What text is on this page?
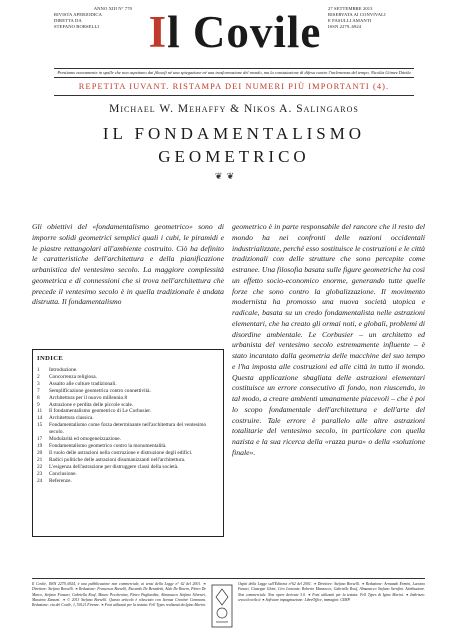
ANNO XIII N° 770
RIVISTA APERIODICA
DIRETTA DA
STEFANO BORSELLI	Il Covile	27 SETTEMBRE 2013
RISERVATA AI CONVIVALI
E FASULLI AMANTI
ISSN 2279–6924
Prestiamo nuovamente in spalle che non aspettano dai filosofi né una spiegazione né una trasformazione del mondo, ma la constatazione di difesa contro l'inclemenza del tempo. Nicolás Gómez Dávila
REPETITA IUVANT. RISTAMPA DEI NUMERI PIÙ IMPORTANTI (4).
Michael W. Mehaffy & Nikos A. Salingaros
IL FONDAMENTALISMO
GEOMETRICO
❦ ❦
Gli obiettivi del «fondamentalismo geometrico» sono di imporre solidi geometrici semplici quali i cubi, le piramidi e le piastre rettangolari all'ambiente costruito. Ciò ha definito le caratteristiche dell'architettura e della pianificazione urbanistica del ventesimo secolo. La maggiore complessità geometrica e di connessioni che si trova nell'architettura che precede il ventesimo secolo è in quella tradizionale è andata distrutta. Il fondamentalismo
INDICE
1	Introduzione.
2	Concorrenza religiosa.
3	Assalto alle culture tradizionali.
7	Semplificazione geometrica contro connettività.
8	Architettura per il nuovo millennio.8
9	Astrazione e perdita delle piccole scale.
11	Il fondamentalismo geometrico di Le Corbusier.
14	Architettura classica.
15	Fondamentalismo come forza determinante nell'architettura del ventesimo secolo.
17	Modularità ed omogeneizzazione.
19	Fondamentalismo geometrico contro la monumentalità.
20	Il ruolo delle astrazioni nella costruzione e distruzione degli edifici.
21	Radici politiche delle astrazioni disumanizzanti nell'architettura.
22	L'esigenza dell'astrazione per distruggere classi della società.
23	Conclusione.
24	Referenze.
geometrico è in parte responsabile del rancore che il resto del mondo ha nei confronti delle nazioni occidentali industrializzate, perché esso sostituisce le costruzioni e le città tradizionali con delle strutture che sono percepite come estranee. Una filosofia basata sulle figure geometriche ha così un effetto socio-economico enorme, generando tutte quelle forze che sono contro la globalizzazione. Il movimento modernista ha promosso una nuova società utopica e radicale, basata su un credo fondamentalista nelle astrazioni elementari, che ha creato gli ormai noti, e globali, problemi di disordine ambientale. Le Corbusier – un architetto ed urbanista del ventesimo secolo estremamente influente – è stato incantato dalla geometria delle macchine del suo tempo e l'ha imposta alle costruzioni ed alle città in tutto il mondo. Questa applicazione sbagliata delle astrazioni elementari costituisce un errore consecutivo di fondo, non riuscendo, in tal modo, a creare ambienti umanamente piacevoli – che è poi lo scopo fondamentale dell'architettura e dell'arte del costruire. Tale errore è parallelo alle altre astrazioni totalitarie del ventesimo secolo, in particolare con quella nazista e la sua ricerca della «razza pura» o della «soluzione finale».
Il Covile, ISSN 2279–6924, è una pubblicazione non commerciale, ai sensi della Legge n° 62 del 2001. ❧ Direttore: Stefano Borselli. ❧ Redazione: Francesca Borselli, Riccardo De Benedetti, Aldo De Rinero, Pietro De Marco, Stefano Fonsari, Gabriella Rouf, Mauro Pecchenino, Pietro Pagliardini, Almanacco Stefano Silvestri, Massimo Zanazzi. ❧ © 2013 Stefano Borselli. Questo articolo è rilasciato con licenza Creative Commons. Redazione: via del Covile, 1, 50121 Firenze. ❧ Font utilizzati per la testata: Fell Types realizzati da Igino Marini.
Ospiti della Legge sull'Editoria n°62 del 2001. ❧ Direttore: Stefano Borselli. ❧ Redazione: Armando Ermini, Luciano Funari, Giuseppe Ghini, Ciro Lomonte, Roberto Manzocco, Gabriella Rouf, Almanacco Stefano Serafini. Attribuzione. Non commerciale. Non opere derivate 3.0. ❧ Font utilizzati per la testata: Fell Types di Igino Marini. ❧ Indirizzo: www.ilcovile.it ❧ Software impaginazione: LibreOffice, immagini: GIMP.
